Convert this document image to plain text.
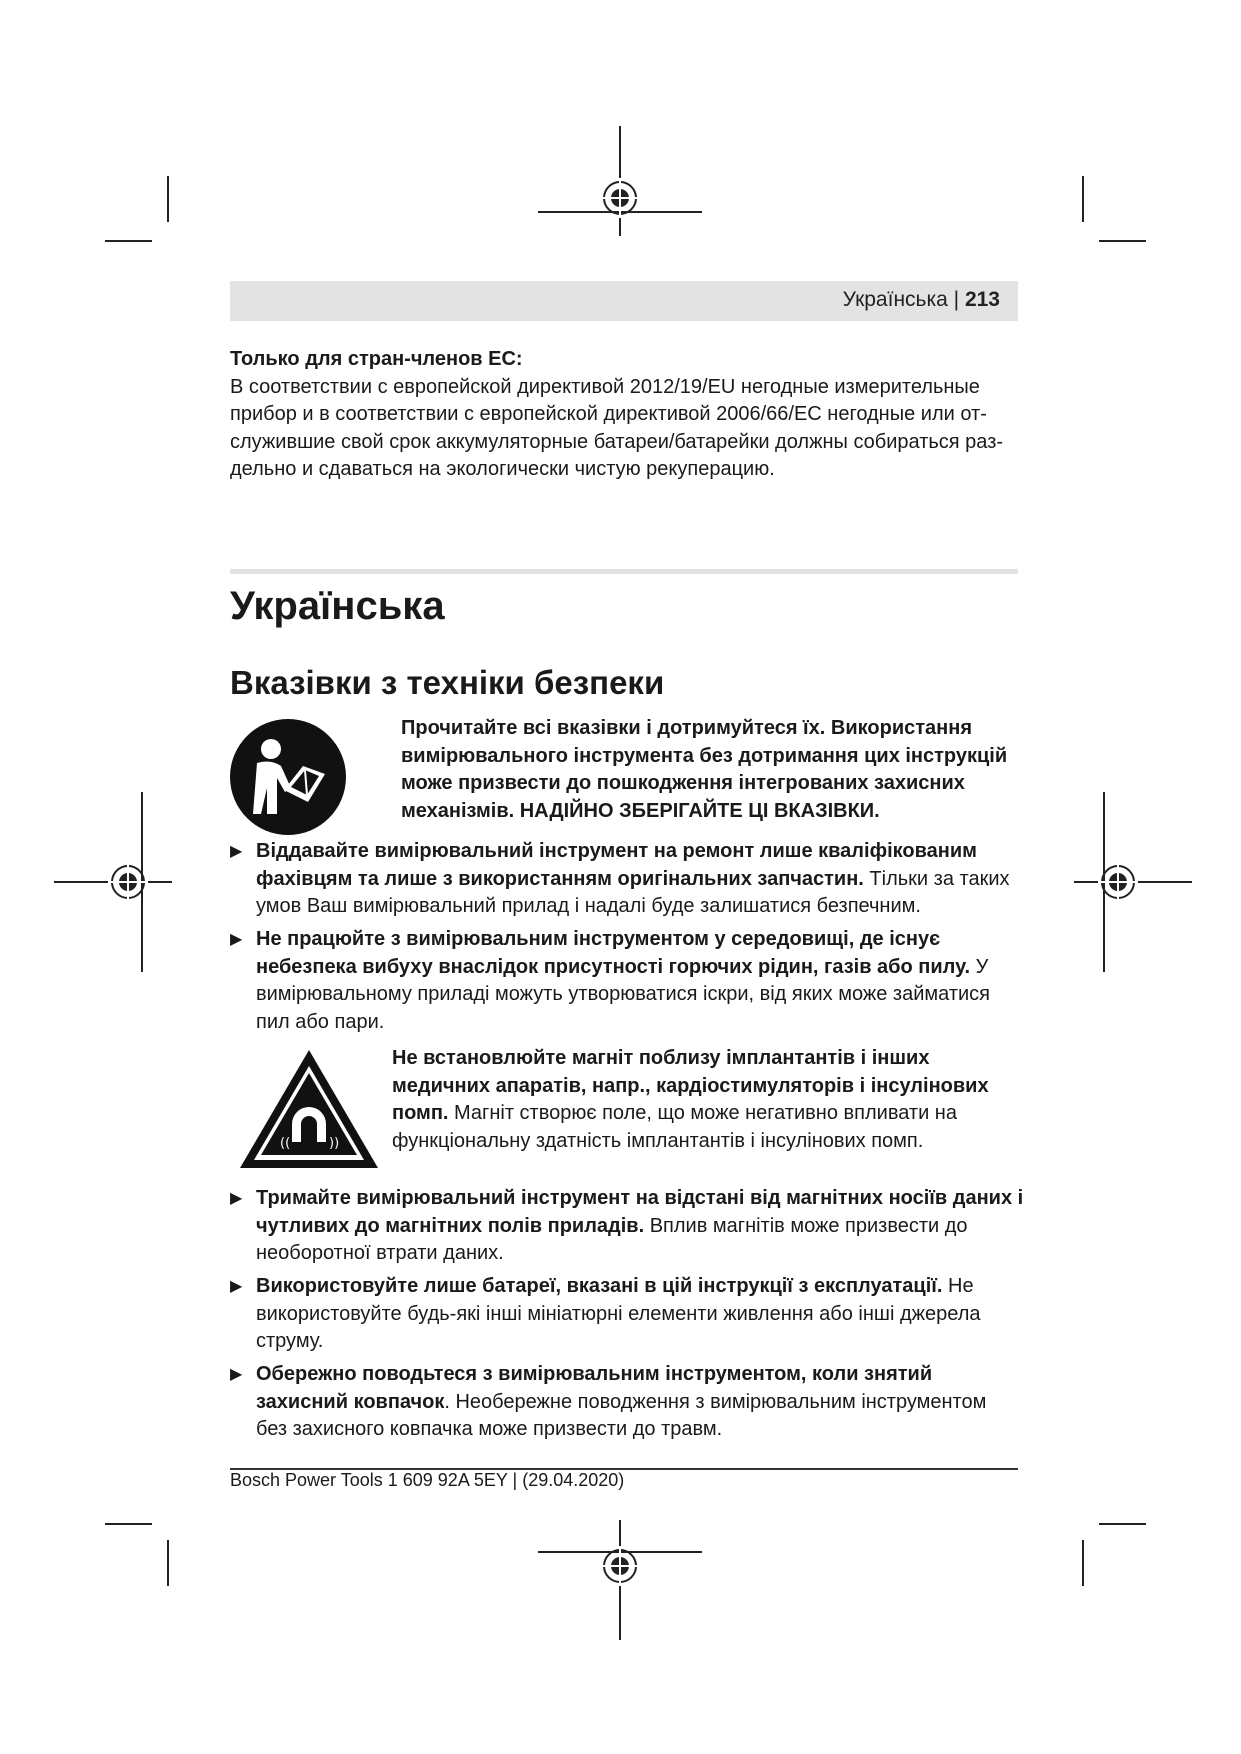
Українська | 213
Только для стран-членов ЕС:
В соответствии с европейской директивой 2012/19/EU негодные измерительные
прибор и в соответствии с европейской директивой 2006/66/EC негодные или от-
служившие свой срок аккумуляторные батареи/батарейки должны собираться раз-
дельно и сдаваться на экологически чистую рекуперацию.
Українська
Вказівки з техніки безпеки
Прочитайте всі вказівки і дотримуйтеся їх. Використання
вимірювального інструмента без дотримання цих інструкцій
може призвести до пошкодження інтегрованих захисних
механізмів. НАДІЙНО ЗБЕРІГАЙТЕ ЦІ ВКАЗІВКИ.
▶ Віддавайте вимірювальний інструмент на ремонт лише кваліфікованим
фахівцям та лише з використанням оригінальних запчастин. Тільки за таких
умов Ваш вимірювальний прилад і надалі буде залишатися безпечним.
▶ Не працюйте з вимірювальним інструментом у середовищі, де існує
небезпека вибуху внаслідок присутності горючих рідин, газів або пилу. У
вимірювальному приладі можуть утворюватися іскри, від яких може займатися
пил або пари.
((	))
Не встановлюйте магніт поблизу імплантантів і інших
медичних апаратів, напр., кардіостимуляторів і інсулінових
помп. Магніт створює поле, що може негативно впливати на
функціональну здатність імплантантів і інсулінових помп.
▶ Тримайте вимірювальний інструмент на відстані від магнітних носіїв даних і
чутливих до магнітних полів приладів. Вплив магнітів може призвести до
необоротної втрати даних.
▶ Використовуйте лише батареї, вказані в цій інструкції з експлуатації. Не
використовуйте будь-які інші мініатюрні елементи живлення або інші джерела
струму.
▶ Обережно поводьтеся з вимірювальним інструментом, коли знятий
захисний ковпачок. Необережне поводження з вимірювальним інструментом
без захисного ковпачка може призвести до травм.
Bosch Power Tools 1 609 92A 5EY | (29.04.2020)
